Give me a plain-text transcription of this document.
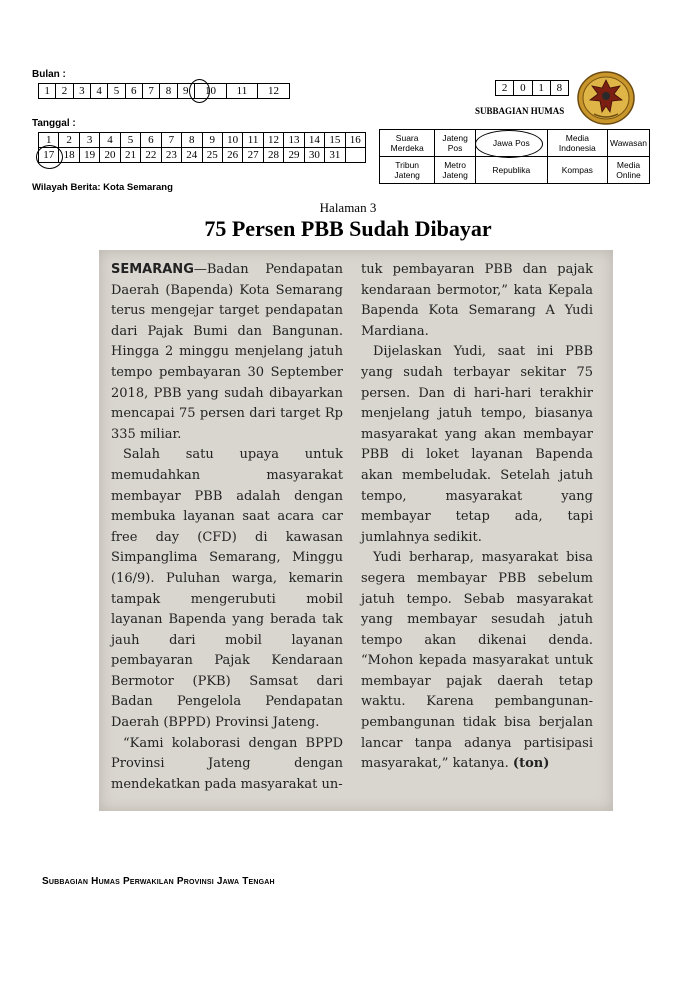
Bulan :
1	2	3	4	5	6	7	8	9	10	11	12
Tanggal :
1	2	3	4	5	6	7	8	9	10	11	12	13	14	15	16
17	18	19	20	21	22	23	24	25	26	27	28	29	30	31	
2	0	1	8
SUBBAGIAN HUMAS
Suara Merdeka	Jateng Pos	Jawa Pos	Media Indonesia	Wawasan
Tribun Jateng	Metro Jateng	Republika	Kompas	Media Online
Wilayah Berita: Kota Semarang
Halaman 3
75 Persen PBB Sudah Dibayar

SEMARANG—Badan Pendapatan Daerah (Bapenda) Kota Semarang terus mengejar target pendapatan dari Pajak Bumi dan Bangunan. Hingga 2 minggu menjelang jatuh tempo pembayaran 30 September 2018, PBB yang sudah dibayarkan mencapai 75 persen dari target Rp 335 miliar.

Salah satu upaya untuk memudahkan masyarakat membayar PBB adalah dengan membuka layanan saat acara car free day (CFD) di kawasan Simpanglima Semarang, Minggu (16/9). Puluhan warga, kemarin tampak mengerubuti mobil layanan Bapenda yang berada tak jauh dari mobil layanan pembayaran Pajak Kendaraan Bermotor (PKB) Samsat dari Badan Pengelola Pendapatan Daerah (BPPD) Provinsi Jateng.

“Kami kolaborasi dengan BPPD Provinsi Jateng dengan mendekatkan pada masyarakat un-

tuk pembayaran PBB dan pajak kendaraan bermotor,” kata Kepala Bapenda Kota Semarang A Yudi Mardiana.

Dijelaskan Yudi, saat ini PBB yang sudah terbayar sekitar 75 persen. Dan di hari-hari terakhir menjelang jatuh tempo, biasanya masyarakat yang akan membayar PBB di loket layanan Bapenda akan membeludak. Setelah jatuh tempo, masyarakat yang membayar tetap ada, tapi jumlahnya sedikit.

Yudi berharap, masyarakat bisa segera membayar PBB sebelum jatuh tempo. Sebab masyarakat yang membayar sesudah jatuh tempo akan dikenai denda. “Mohon kepada masyarakat untuk membayar pajak daerah tetap waktu. Karena pembangunan-pembangunan tidak bisa berjalan lancar tanpa adanya partisipasi masyarakat,” katanya. (ton)

Subbagian Humas Perwakilan Provinsi Jawa Tengah
